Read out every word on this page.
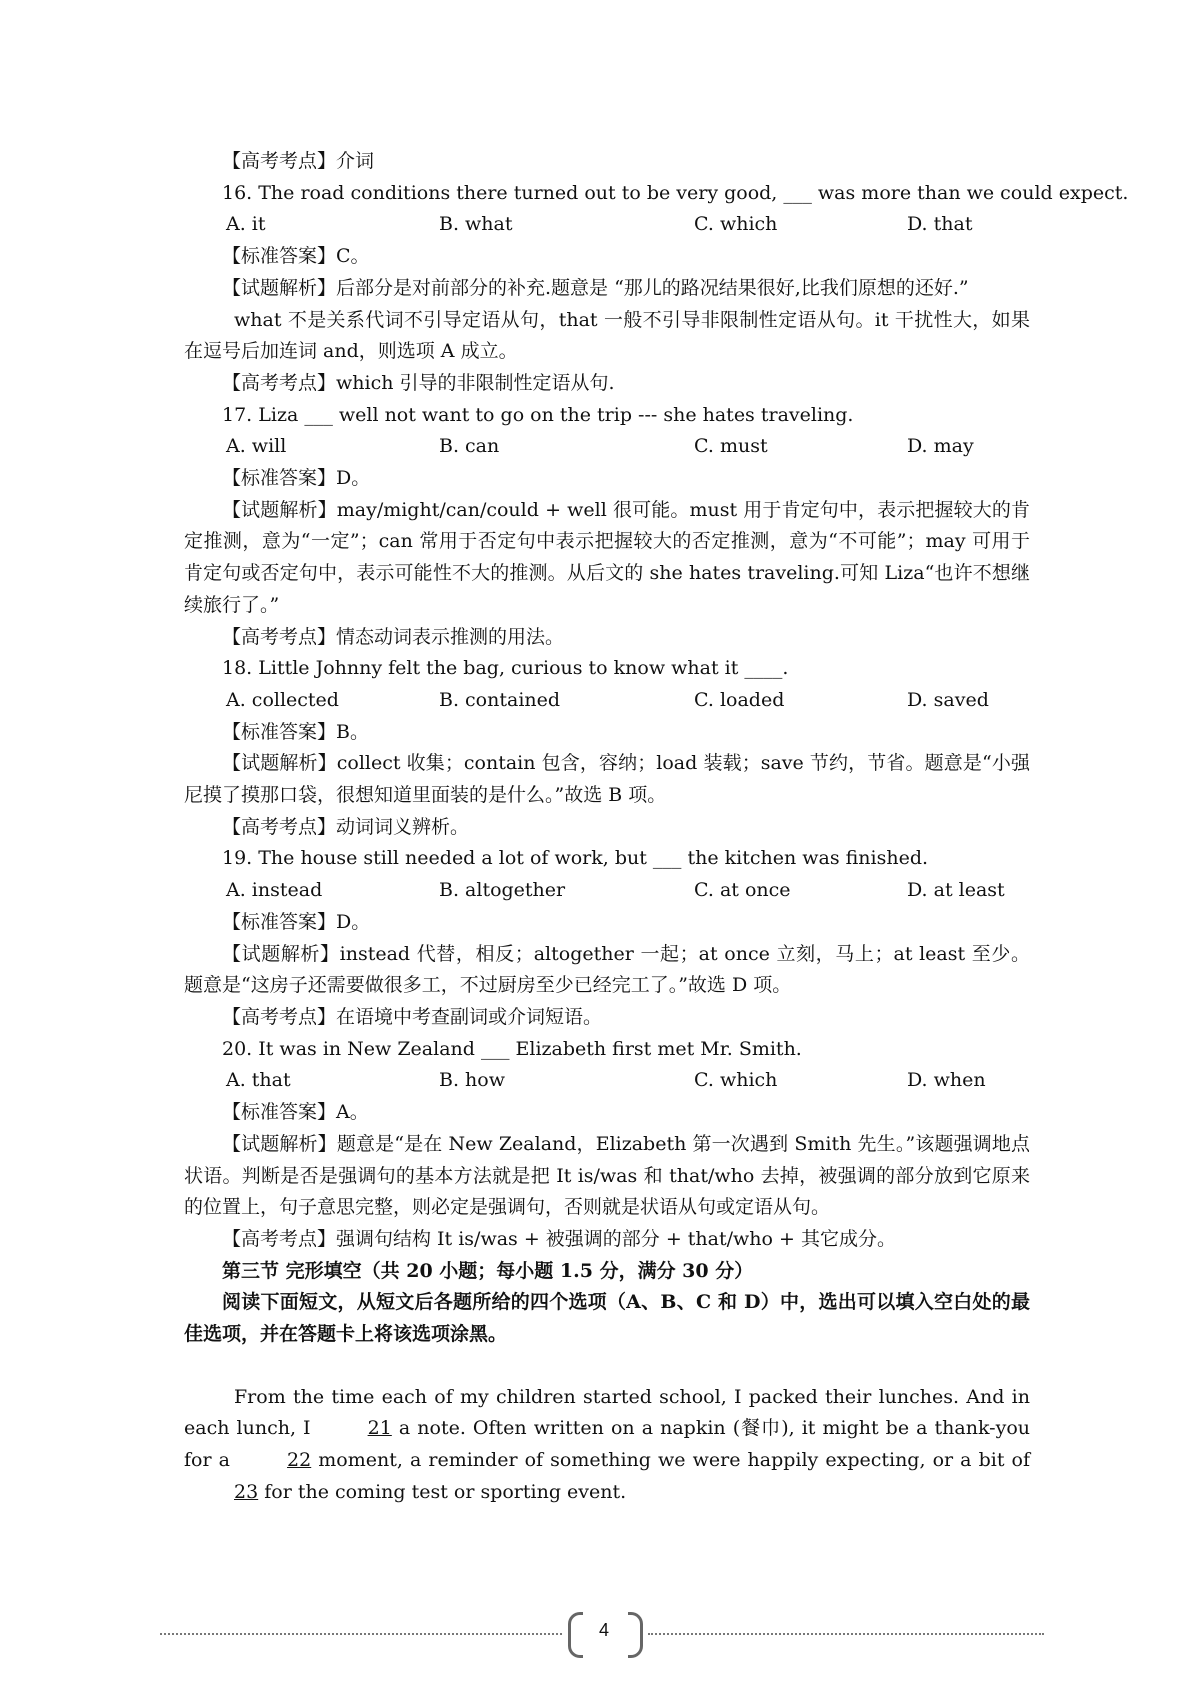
【高考考点】介词
16. The road conditions there turned out to be very good, ___ was more than we could expect.
A. it	B. what	C. which	D. that
【标准答案】C。
【试题解析】后部分是对前部分的补充.题意是 “那儿的路况结果很好,比我们原想的还好.”
what 不是关系代词不引导定语从句，that 一般不引导非限制性定语从句。it 干扰性大，如果在逗号后加连词 and，则选项 A 成立。
【高考考点】which 引导的非限制性定语从句.
17. Liza ___ well not want to go on the trip --- she hates traveling.
A. will	B. can	C. must	D. may
【标准答案】D。
【试题解析】may/might/can/could + well 很可能。must 用于肯定句中，表示把握较大的肯定推测，意为“一定”；can 常用于否定句中表示把握较大的否定推测，意为“不可能”；may 可用于肯定句或否定句中，表示可能性不大的推测。从后文的 she hates traveling.可知 Liza“也许不想继续旅行了。”
【高考考点】情态动词表示推测的用法。
18. Little Johnny felt the bag, curious to know what it ____.
A. collected	B. contained	C. loaded	D. saved
【标准答案】B。
【试题解析】collect 收集；contain 包含，容纳；load 装载；save 节约，节省。题意是“小强尼摸了摸那口袋，很想知道里面装的是什么。”故选 B 项。
【高考考点】动词词义辨析。
19. The house still needed a lot of work, but ___ the kitchen was finished.
A. instead	B. altogether	C. at once	D. at least
【标准答案】D。
【试题解析】instead 代替，相反；altogether 一起；at once 立刻，马上；at least 至少。题意是“这房子还需要做很多工，不过厨房至少已经完工了。”故选 D 项。
【高考考点】在语境中考查副词或介词短语。
20. It was in New Zealand ___ Elizabeth first met Mr. Smith.
A. that	B. how	C. which	D. when
【标准答案】A。
【试题解析】题意是“是在 New Zealand，Elizabeth 第一次遇到 Smith 先生。”该题强调地点状语。判断是否是强调句的基本方法就是把 It is/was 和 that/who 去掉，被强调的部分放到它原来的位置上，句子意思完整，则必定是强调句，否则就是状语从句或定语从句。
【高考考点】强调句结构 It is/was + 被强调的部分 + that/who + 其它成分。
第三节 完形填空（共 20 小题；每小题 1.5 分，满分 30 分）
阅读下面短文，从短文后各题所给的四个选项（A、B、C 和 D）中，选出可以填入空白处的最佳选项，并在答题卡上将该选项涂黑。
From the time each of my children started school, I packed their lunches. And in each lunch, I	21 a note. Often written on a napkin (餐巾), it might be a thank-you for a	22 moment, a reminder of something we were happily expecting, or a bit of 23 for the coming test or sporting event.
4
